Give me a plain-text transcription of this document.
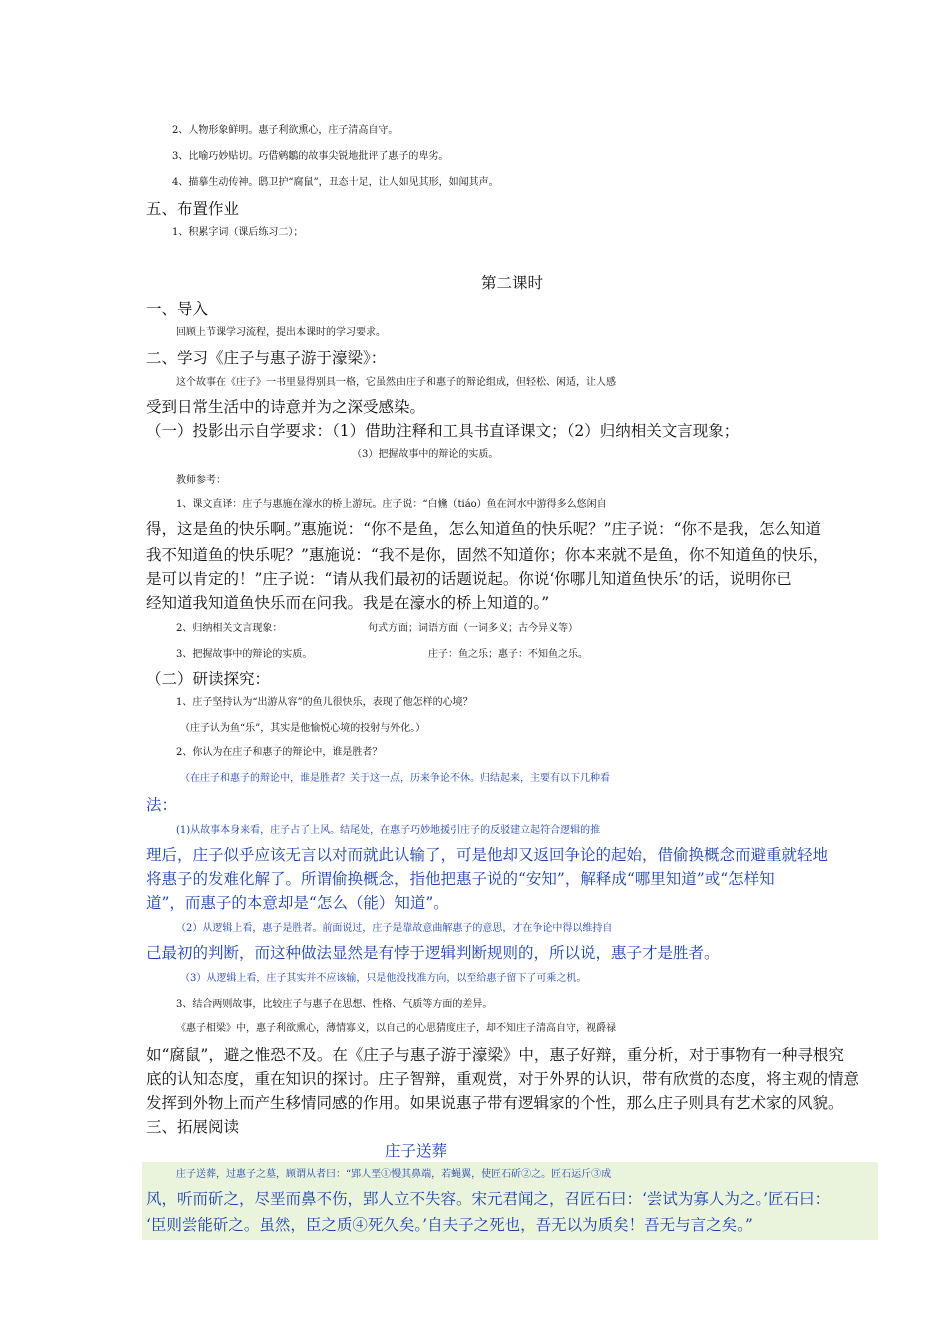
2、人物形象鲜明。惠子利欲熏心，庄子清高自守。
3、比喻巧妙贴切。巧借鹓鶵的故事尖锐地批评了惠子的卑劣。
4、描摹生动传神。鸱卫护“腐鼠”，丑态十足，让人如见其形，如闻其声。
五、布置作业
1、积累字词（课后练习二）；
第二课时
一、导入
回顾上节课学习流程，提出本课时的学习要求。
二、学习《庄子与惠子游于濠梁》：
这个故事在《庄子》一书里显得别具一格，它虽然由庄子和惠子的辩论组成，但轻松、闲适，让人感
受到日常生活中的诗意并为之深受感染。
（一）投影出示自学要求：（1）借助注释和工具书直译课文；（2）归纳相关文言现象；
（3）把握故事中的辩论的实质。
教师参考：
1、课文直译：庄子与惠施在濠水的桥上游玩。庄子说：“白儵（tiáo）鱼在河水中游得多么悠闲自
得，这是鱼的快乐啊。”惠施说：“你不是鱼，怎么知道鱼的快乐呢？”庄子说：“你不是我，怎么知道
我不知道鱼的快乐呢？”惠施说：“我不是你，固然不知道你；你本来就不是鱼，你不知道鱼的快乐，
是可以肯定的！”庄子说：“请从我们最初的话题说起。你说‘你哪儿知道鱼快乐’的话，说明你已
经知道我知道鱼快乐而在问我。我是在濠水的桥上知道的。”
2、归纳相关文言现象：	句式方面；词语方面（一词多义；古今异义等）
3、把握故事中的辩论的实质。	庄子：鱼之乐；惠子：不知鱼之乐。
（二）研读探究：
1、庄子坚持认为“出游从容”的鱼儿很快乐，表现了他怎样的心境？
（庄子认为鱼“乐”，其实是他愉悦心境的投射与外化。）
2、你认为在庄子和惠子的辩论中，谁是胜者？
（在庄子和惠子的辩论中，谁是胜者？关于这一点，历来争论不休。归结起来，主要有以下几种看
法：
(1)从故事本身来看，庄子占了上风。结尾处，在惠子巧妙地援引庄子的反驳建立起符合逻辑的推
理后，庄子似乎应该无言以对而就此认输了，可是他却又返回争论的起始，借偷换概念而避重就轻地
将惠子的发难化解了。所谓偷换概念，指他把惠子说的“安知”，解释成“哪里知道”或“怎样知
道”，而惠子的本意却是“怎么（能）知道”。
（2）从逻辑上看，惠子是胜者。前面说过，庄子是靠故意曲解惠子的意思，才在争论中得以维持自
己最初的判断，而这种做法显然是有悖于逻辑判断规则的，所以说，惠子才是胜者。
（3）从逻辑上看，庄子其实并不应该输，只是他没找准方向，以至给惠子留下了可乘之机。
3、结合两则故事，比较庄子与惠子在思想、性格、气质等方面的差异。
《惠子相梁》中，惠子利欲熏心，薄情寡义，以自己的心思猜度庄子，却不知庄子清高自守，视爵禄
如“腐鼠”，避之惟恐不及。在《庄子与惠子游于濠梁》中，惠子好辩，重分析，对于事物有一种寻根究
底的认知态度，重在知识的探讨。庄子智辩，重观赏，对于外界的认识，带有欣赏的态度，将主观的情意
发挥到外物上而产生移情同感的作用。如果说惠子带有逻辑家的个性，那么庄子则具有艺术家的风貌。
三、拓展阅读
庄子送葬
庄子送葬，过惠子之墓，顾谓从者曰：“郢人垩①慢其鼻端，若蝇翼，使匠石斫②之。匠石运斤③成
风，听而斫之，尽垩而鼻不伤，郢人立不失容。宋元君闻之，召匠石曰：‘尝试为寡人为之。’匠石曰：
‘臣则尝能斫之。虽然，臣之质④死久矣。’自夫子之死也，吾无以为质矣！吾无与言之矣。”
